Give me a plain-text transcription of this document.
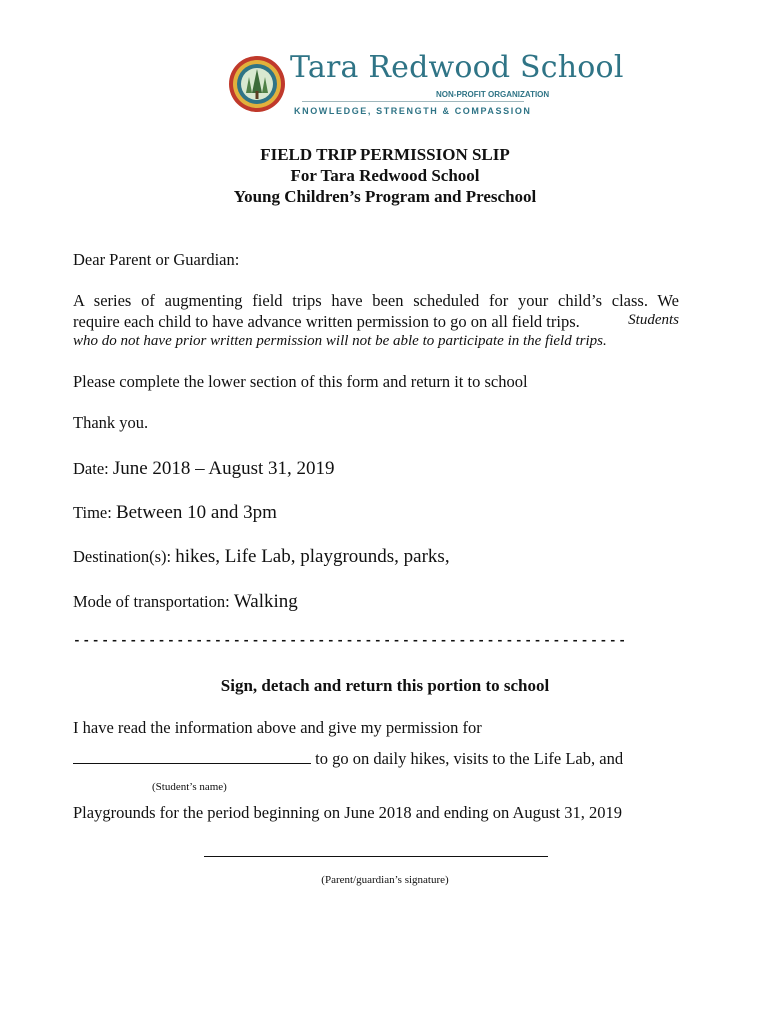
Tara Redwood School
NON-PROFIT ORGANIZATION
KNOWLEDGE, STRENGTH & COMPASSION
FIELD TRIP PERMISSION SLIP
For Tara Redwood School
Young Children’s Program and Preschool
Dear Parent or Guardian:
A series of augmenting field trips have been scheduled for your child’s class. We
require each child to have advance written permission to go on all field trips.	Students
who do not have prior written permission will not be able to participate in the field trips.
Please complete the lower section of this form and return it to school
Thank you.
Date: June 2018 – August 31, 2019
Time: Between 10 and 3pm
Destination(s): hikes, Life Lab, playgrounds, parks,
Mode of transportation: Walking
-----------------------------------------------------------
Sign, detach and return this portion to school
I have read the information above and give my permission for
to go on daily hikes, visits to the Life Lab, and
(Student’s name)
Playgrounds for the period beginning on June 2018 and ending on August 31, 2019
(Parent/guardian’s signature)
